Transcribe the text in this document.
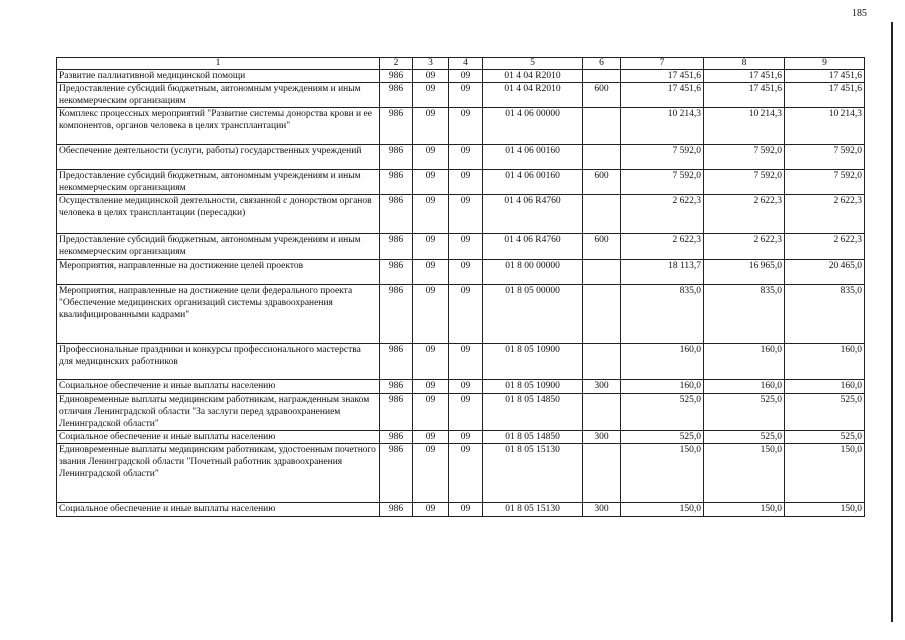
185
1	2	3	4	5	6	7	8	9
Развитие паллиативной медицинской помощи	986	09	09	01 4 04 R2010		17 451,6	17 451,6	17 451,6
Предоставление субсидий бюджетным, автономным учреждениям и иным некоммерческим организациям	986	09	09	01 4 04 R2010	600	17 451,6	17 451,6	17 451,6
Комплекс процессных мероприятий "Развитие системы донорства крови и ее компонентов, органов человека в целях трансплантации"	986	09	09	01 4 06 00000		10 214,3	10 214,3	10 214,3
Обеспечение деятельности (услуги, работы) государственных учреждений	986	09	09	01 4 06 00160		7 592,0	7 592,0	7 592,0
Предоставление субсидий бюджетным, автономным учреждениям и иным некоммерческим организациям	986	09	09	01 4 06 00160	600	7 592,0	7 592,0	7 592,0
Осуществление медицинской деятельности, связанной с донорством органов человека в целях трансплантации (пересадки)	986	09	09	01 4 06 R4760		2 622,3	2 622,3	2 622,3
Предоставление субсидий бюджетным, автономным учреждениям и иным некоммерческим организациям	986	09	09	01 4 06 R4760	600	2 622,3	2 622,3	2 622,3
Мероприятия, направленные на достижение целей проектов	986	09	09	01 8 00 00000		18 113,7	16 965,0	20 465,0
Мероприятия, направленные на достижение цели федерального проекта "Обеспечение медицинских организаций системы здравоохранения квалифицированными кадрами"	986	09	09	01 8 05 00000		835,0	835,0	835,0
Профессиональные праздники и конкурсы профессионального мастерства для медицинских работников	986	09	09	01 8 05 10900		160,0	160,0	160,0
Социальное обеспечение и иные выплаты населению	986	09	09	01 8 05 10900	300	160,0	160,0	160,0
Единовременные выплаты медицинским работникам, награжденным знаком отличия Ленинградской области "За заслуги перед здравоохранением Ленинградской области"	986	09	09	01 8 05 14850		525,0	525,0	525,0
Социальное обеспечение и иные выплаты населению	986	09	09	01 8 05 14850	300	525,0	525,0	525,0
Единовременные выплаты медицинским работникам, удостоенным почетного звания Ленинградской области "Почетный работник здравоохранения Ленинградской области"	986	09	09	01 8 05 15130		150,0	150,0	150,0
Социальное обеспечение и иные выплаты населению	986	09	09	01 8 05 15130	300	150,0	150,0	150,0
